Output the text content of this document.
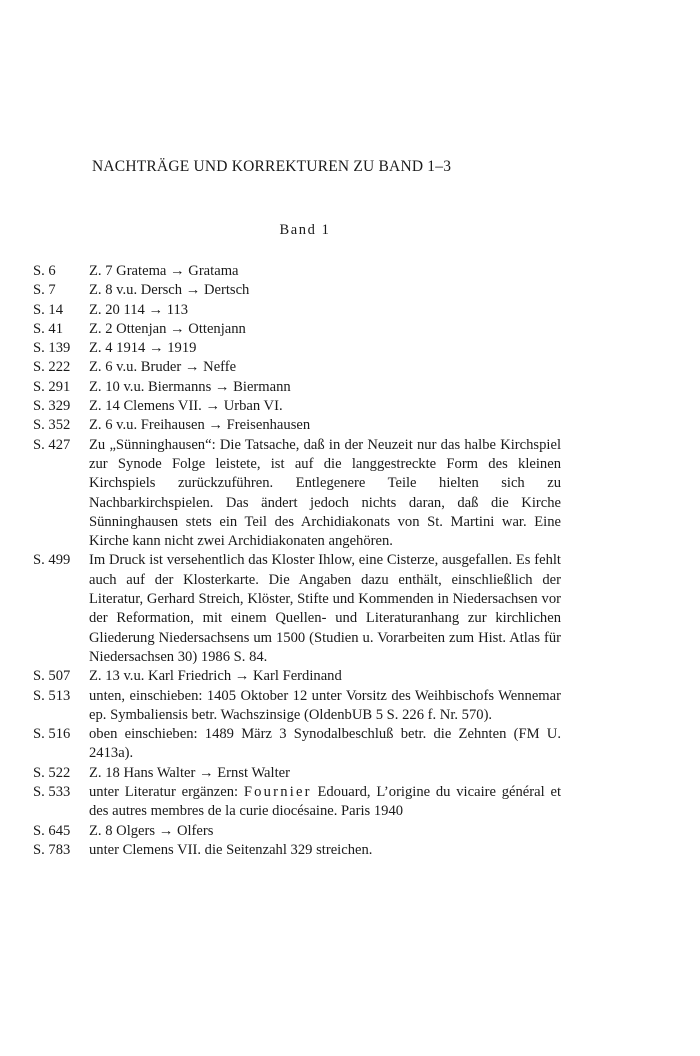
NACHTRÄGE UND KORREKTUREN ZU BAND 1–3
Band 1
S. 6	Z. 7 Gratema → Gratama
S. 7	Z. 8 v.u. Dersch → Dertsch
S. 14	Z. 20 114 → 113
S. 41	Z. 2 Ottenjan → Ottenjann
S. 139	Z. 4 1914 → 1919
S. 222	Z. 6 v.u. Bruder → Neffe
S. 291	Z. 10 v.u. Biermanns → Biermann
S. 329	Z. 14 Clemens VII. → Urban VI.
S. 352	Z. 6 v.u. Freihausen → Freisenhausen
S. 427	Zu „Sünninghausen“: Die Tatsache, daß in der Neuzeit nur das halbe Kirchspiel zur Synode Folge leistete, ist auf die langgestreckte Form des kleinen Kirchspiels zurückzuführen. Entlegenere Teile hielten sich zu Nachbarkirchspielen. Das ändert jedoch nichts daran, daß die Kirche Sünninghausen stets ein Teil des Archidiakonats von St. Martini war. Eine Kirche kann nicht zwei Archidiakonaten angehören.
S. 499	Im Druck ist versehentlich das Kloster Ihlow, eine Cisterze, ausgefallen. Es fehlt auch auf der Klosterkarte. Die Angaben dazu enthält, einschließlich der Literatur, Gerhard Streich, Klöster, Stifte und Kommenden in Niedersachsen vor der Reformation, mit einem Quellen- und Literaturanhang zur kirchlichen Gliederung Niedersachsens um 1500 (Studien u. Vorarbeiten zum Hist. Atlas für Niedersachsen 30) 1986 S. 84.
S. 507	Z. 13 v.u. Karl Friedrich → Karl Ferdinand
S. 513	unten, einschieben: 1405 Oktober 12 unter Vorsitz des Weihbischofs Wennemar ep. Symbaliensis betr. Wachszinsige (OldenbUB 5 S. 226 f. Nr. 570).
S. 516	oben einschieben: 1489 März 3 Synodalbeschluß betr. die Zehnten (FM U. 2413a).
S. 522	Z. 18 Hans Walter → Ernst Walter
S. 533	unter Literatur ergänzen: Fournier Edouard, L’origine du vicaire général et des autres membres de la curie diocésaine. Paris 1940
S. 645	Z. 8 Olgers → Olfers
S. 783	unter Clemens VII. die Seitenzahl 329 streichen.
